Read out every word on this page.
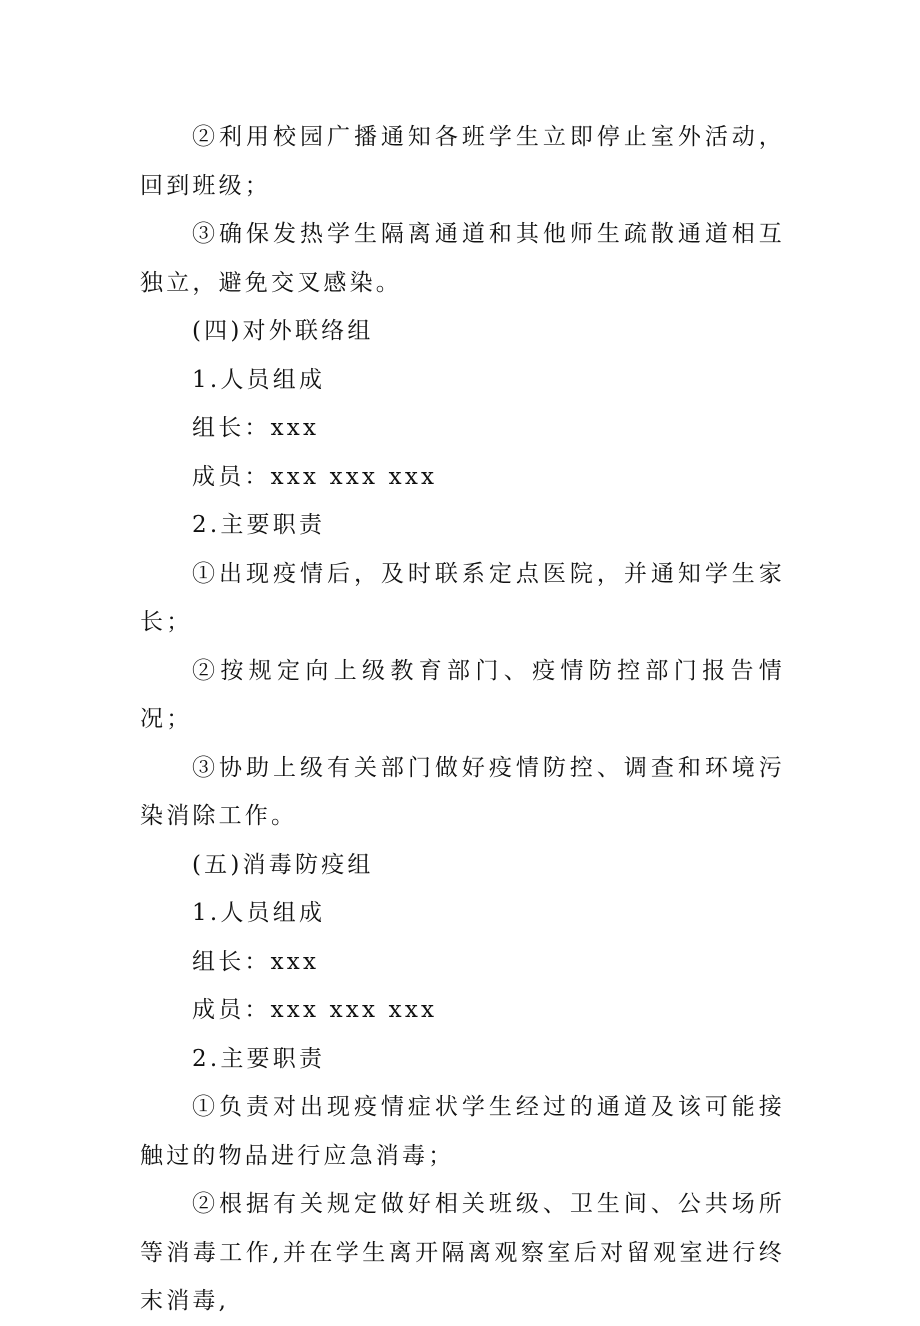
②利用校园广播通知各班学生立即停止室外活动，回到班级；

③确保发热学生隔离通道和其他师生疏散通道相互独立，避免交叉感染。

(四)对外联络组

1.人员组成

组长：xxx

成员：xxx xxx xxx

2.主要职责

①出现疫情后，及时联系定点医院，并通知学生家长；

②按规定向上级教育部门、疫情防控部门报告情况；

③协助上级有关部门做好疫情防控、调查和环境污染消除工作。

(五)消毒防疫组

1.人员组成

组长：xxx

成员：xxx xxx xxx

2.主要职责

①负责对出现疫情症状学生经过的通道及该可能接触过的物品进行应急消毒；

②根据有关规定做好相关班级、卫生间、公共场所等消毒工作,并在学生离开隔离观察室后对留观室进行终末消毒,
